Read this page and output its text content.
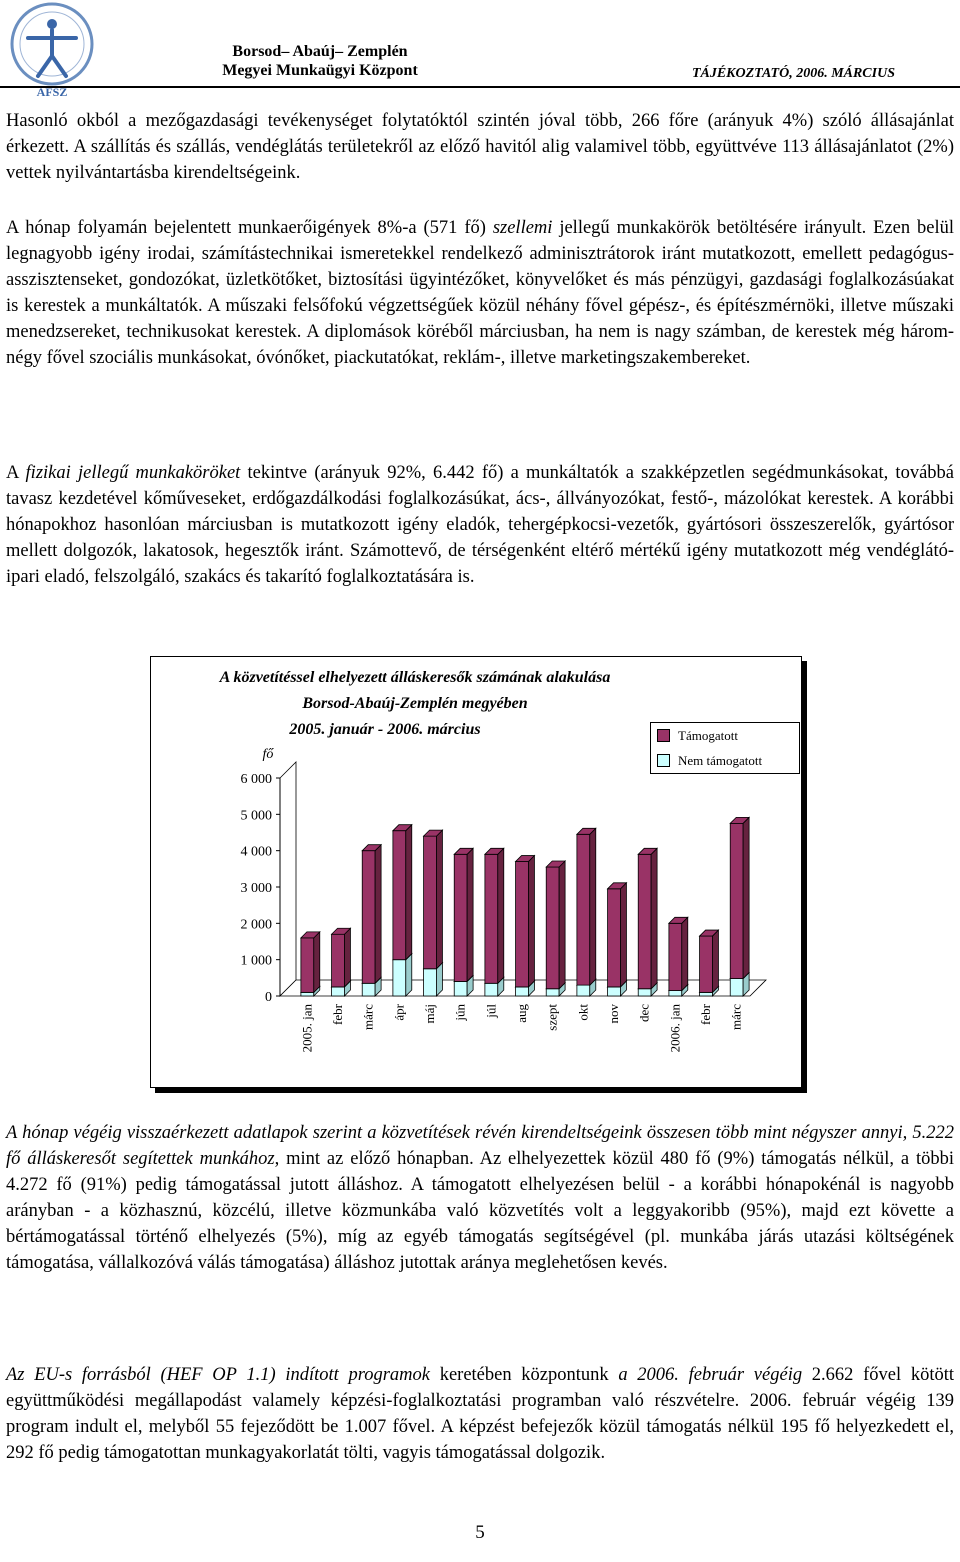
AFSZ
Borsod– Abaúj– Zemplén
Megyei Munkaügyi Központ	TÁJÉKOZTATÓ, 2006. MÁRCIUS

Hasonló okból a mezőgazdasági tevékenységet folytatóktól szintén jóval több, 266 főre (arányuk 4%) szóló állásajánlat érkezett. A szállítás és szállás, vendéglátás területekről az előző havitól alig valamivel több, együttvéve 113 állásajánlatot (2%) vettek nyilvántartásba kirendeltségeink.

A hónap folyamán bejelentett munkaerőigények 8%-a (571 fő) szellemi jellegű munkakörök betöltésére irányult. Ezen belül legnagyobb igény irodai, számítástechnikai ismeretekkel rendelkező adminisztrátorok iránt mutatkozott, emellett pedagógus-asszisztenseket, gondozókat, üzletkötőket, biztosítási ügyintézőket, könyvelőket és más pénzügyi, gazdasági foglalkozásúakat is kerestek a munkáltatók. A műszaki felsőfokú végzettségűek közül néhány fővel gépész-, és építészmérnöki, illetve műszaki menedzsereket, technikusokat kerestek. A diplomások köréből márciusban, ha nem is nagy számban, de kerestek még három-négy fővel szociális munkásokat, óvónőket, piackutatókat, reklám-, illetve marketingszakembereket.

A fizikai jellegű munkaköröket tekintve (arányuk 92%, 6.442 fő) a munkáltatók a szakképzetlen segédmunkásokat, továbbá tavasz kezdetével kőműveseket, erdőgazdálkodási foglalkozásúkat, ács-, állványozókat, festő-, mázolókat kerestek. A korábbi hónapokhoz hasonlóan márciusban is mutatkozott igény eladók, tehergépkocsi-vezetők, gyártósori összeszerelők, gyártósor mellett dolgozók, lakatosok, hegesztők iránt. Számottevő, de térségenként eltérő mértékű igény mutatkozott még vendéglátó-ipari eladó, felszolgáló, szakács és takarító foglalkoztatására is.

fő
0
1 000
2 000
3 000
4 000
5 000
6 000
2005. jan febr márc ápr máj jún júl aug szept okt nov dec 2006. jan febr márc
A közvetítéssel elhelyezett álláskeresők számának alakulása
Borsod-Abaúj-Zemplén megyében
2005. január - 2006. március	Támogatott
Nem támogatott

A hónap végéig visszaérkezett adatlapok szerint a közvetítések révén kirendeltségeink összesen több mint négyszer annyi, 5.222 fő álláskeresőt segítettek munkához, mint az előző hónapban. Az elhelyezettek közül 480 fő (9%) támogatás nélkül, a többi 4.272 fő (91%) pedig támogatással jutott álláshoz. A támogatott elhelyezésen belül - a korábbi hónapokénál is nagyobb arányban - a közhasznú, közcélú, illetve közmunkába való közvetítés volt a leggyakoribb (95%), majd ezt követte a bértámogatással történő elhelyezés (5%), míg az egyéb támogatás segítségével (pl. munkába járás utazási költségének támogatása, vállalkozóvá válás támogatása) álláshoz jutottak aránya meglehetősen kevés.

Az EU-s forrásból (HEF OP 1.1) indított programok keretében központunk a 2006. február végéig 2.662 fővel kötött együttműködési megállapodást valamely képzési-foglalkoztatási programban való részvételre. 2006. február végéig 139 program indult el, melyből 55 fejeződött be 1.007 fővel. A képzést befejezők közül támogatás nélkül 195 fő helyezkedett el, 292 fő pedig támogatottan munkagyakorlatát tölti, vagyis támogatással dolgozik.

5
